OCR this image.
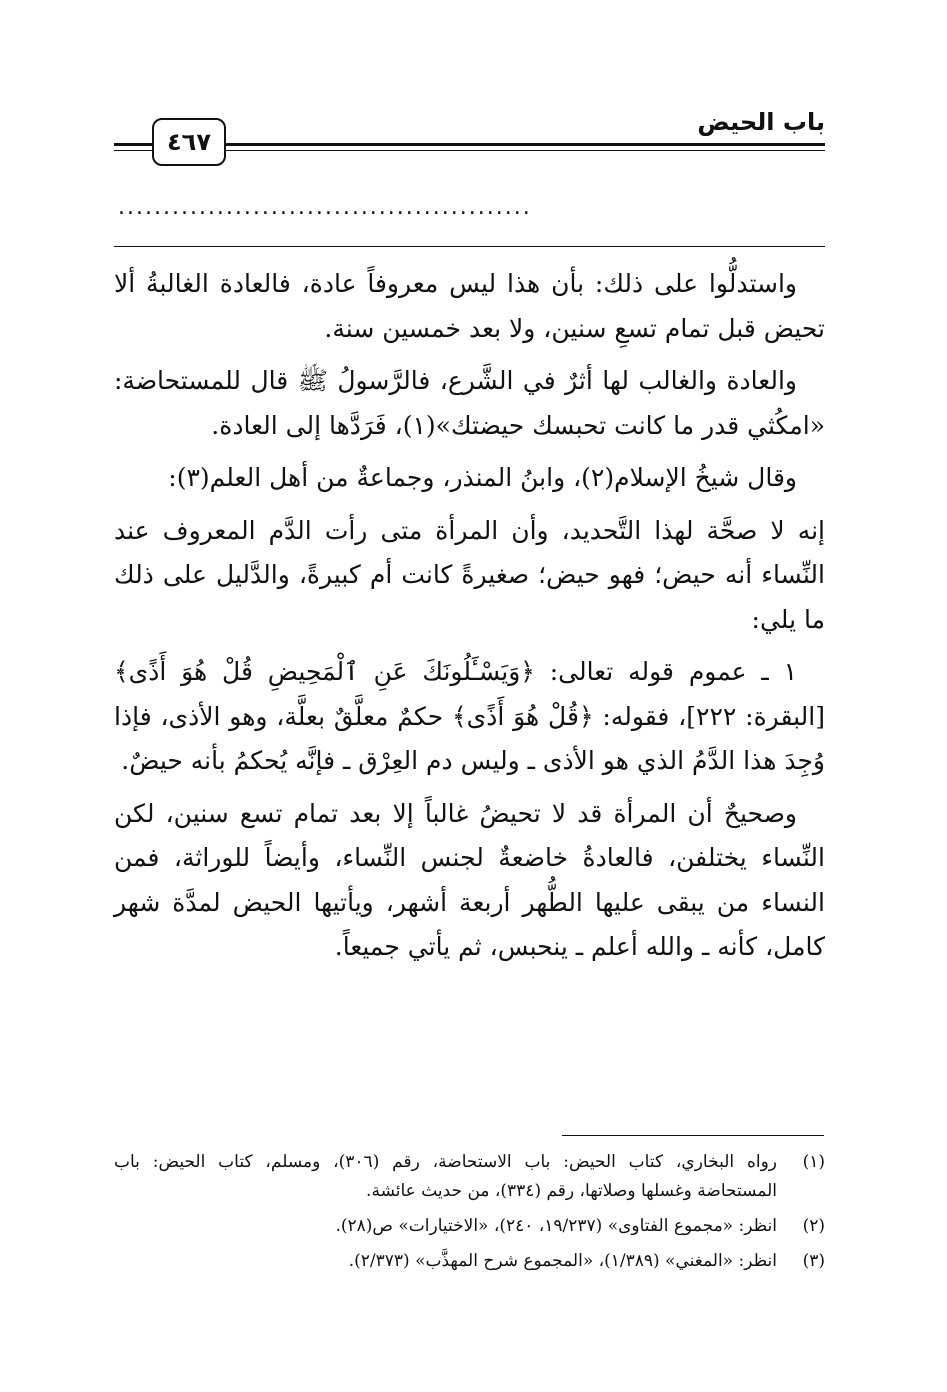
باب الحيض
٤٦٧
..............................................

واستدلُّوا على ذلك: بأن هذا ليس معروفاً عادة، فالعادة الغالبةُ ألا تحيض قبل تمام تسعِ سنين، ولا بعد خمسين سنة.

والعادة والغالب لها أثرٌ في الشَّرع، فالرَّسولُ ﷺ قال للمستحاضة: «امكُثي قدر ما كانت تحبسك حيضتك»(١)، فَرَدَّها إلى العادة.

وقال شيخُ الإسلام(٢)، وابنُ المنذر، وجماعةٌ من أهل العلم(٣):

إنه لا صحَّة لهذا التَّحديد، وأن المرأة متى رأت الدَّم المعروف عند النِّساء أنه حيض؛ فهو حيض؛ صغيرةً كانت أم كبيرةً، والدَّليل على ذلك ما يلي:

١ ـ عموم قوله تعالى: ﴿وَيَسْـَٔلُونَكَ عَنِ ٱلْمَحِيضِ قُلْ هُوَ أَذًى﴾ [البقرة: ٢٢٢]، فقوله: ﴿قُلْ هُوَ أَذًى﴾ حكمٌ معلَّقٌ بعلَّة، وهو الأذى، فإذا وُجِدَ هذا الدَّمُ الذي هو الأذى ـ وليس دم العِرْق ـ فإنَّه يُحكمُ بأنه حيضٌ.

وصحيحٌ أن المرأة قد لا تحيضُ غالباً إلا بعد تمام تسع سنين، لكن النِّساء يختلفن، فالعادةُ خاضعةٌ لجنس النِّساء، وأيضاً للوراثة، فمن النساء من يبقى عليها الطُّهر أربعة أشهر، ويأتيها الحيض لمدَّة شهر كامل، كأنه ـ والله أعلم ـ ينحبس، ثم يأتي جميعاً.

(١)
رواه البخاري، كتاب الحيض: باب الاستحاضة، رقم (٣٠٦)، ومسلم، كتاب الحيض: باب المستحاضة وغسلها وصلاتها، رقم (٣٣٤)، من حديث عائشة.
(٢)
انظر: «مجموع الفتاوى» (١٩/٢٣٧، ٢٤٠)، «الاختيارات» ص(٢٨).
(٣)
انظر: «المغني» (١/٣٨٩)، «المجموع شرح المهذَّب» (٢/٣٧٣).
